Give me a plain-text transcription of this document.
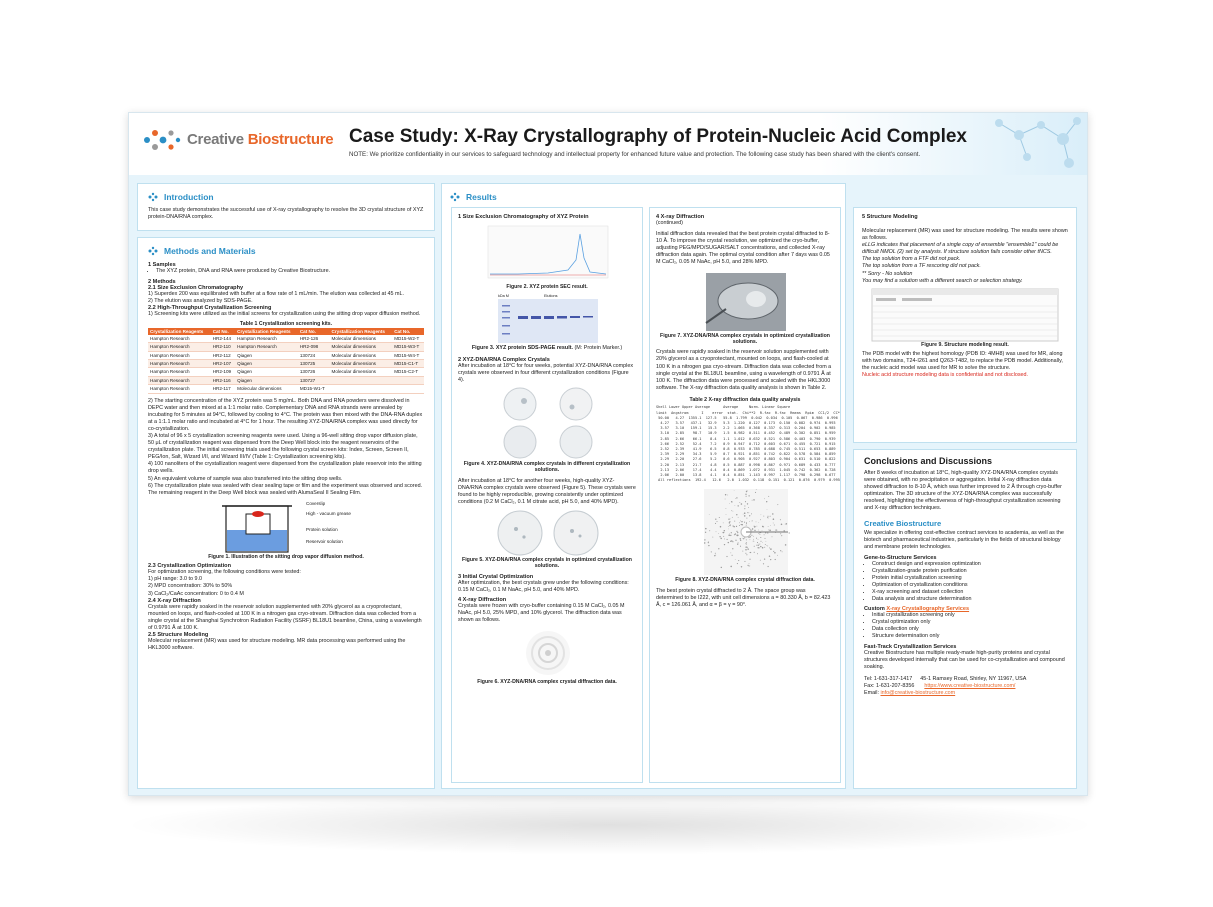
Creative Biostructure Case Study: X-Ray Crystallography of Protein-Nucleic Acid Complex
NOTE: We prioritize confidentiality in our services to safeguard technology and intellectual property for enhanced future value and protection. The following case study has been shared with the client's consent.
Introduction
This case study demonstrates the successful use of X-ray crystallography to resolve the 3D crystal structure of XYZ protein-DNA/RNA complex.
Methods and Materials
1 Samples
• The XYZ protein, DNA and RNA were produced by Creative Biostructure.
2 Methods
2.1 Size Exclusion Chromatography
1) Superdex 200 was equilibrated with buffer at a flow rate of 1 mL/min. The elution was collected at 45 mL.
2) The elution was analyzed by SDS-PAGE.
2.2 High-Throughput Crystallization Screening
1) Screening kits were utilized as the initial screens for crystallization using the sitting drop vapor diffusion method.
Table 1 Crystallization screening kits.
Crystallization Reagents	Cat No.	Crystallization Reagents	Cat No.	Crystallization Reagents	Cat No.
Hampton Research	HR2-144	Hampton Research	HR2-126	Molecular dimensions	MD15-W2-T
Hampton Research	HR2-110	Hampton Research	HR2-098	Molecular dimensions	MD15-W3-T
Hampton Research	HR2-112	Qiagen	130724	Molecular dimensions	MD15-W4-T
Hampton Research	HR2-107	Qiagen	130725	Molecular dimensions	MD15-C1-T
Hampton Research	HR2-109	Qiagen	130726	Molecular dimensions	MD15-C2-T
Hampton Research	HR2-116	Qiagen	130727		
Hampton Research	HR2-117	Molecular dimensions	MD15-W1-T		
2) The starting concentration of the XYZ protein was 5 mg/mL. Both DNA and RNA powders were dissolved in DEPC water and then mixed at a 1:1 molar ratio. Complementary DNA and RNA strands were annealed by incubating for 5 minutes at 94°C, followed by cooling to 4°C. The protein was then mixed with the DNA-RNA duplex at a 1:1.1 molar ratio and incubated at 4°C for 1 hour. The resulting XYZ-DNA/RNA complex was used directly for co-crystallization.
3) A total of 96 x 5 crystallization screening reagents were used. Using a 96-well sitting drop vapor diffusion plate, 50 μL of crystallization reagent was dispensed from the Deep Well block into the reagent reservoirs of the crystallization plate. The initial screening trials used the following crystal screen kits: Index, Screen, Screen II, PEG/Ion, Salt, Wizard I/II, and Wizard III/IV (Table 1: Crystallization screening kits).
4) 100 nanoliters of the crystallization reagent were dispensed from the crystallization plate reservoir into the sitting drop wells.
5) An equivalent volume of sample was also transferred into the sitting drop wells.
6) The crystallization plate was sealed with clear sealing tape or film and the experiment was observed and scored. The remaining reagent in the Deep Well block was sealed with AlumaSeal II Sealing Film.
Coverslip
High - vacuum grease
Protein solution
Reservoir solution
Figure 1. Illustration of the sitting drop vapor diffusion method.
2.3 Crystallization Optimization
For optimization screening, the following conditions were tested:
1) pH range: 3.0 to 9.0
2) MPD concentration: 30% to 50%
3) CaCl₂/CaAc concentration: 0 to 0.4 M
2.4 X-ray Diffraction
Crystals were rapidly soaked in the reservoir solution supplemented with 20% glycerol as a cryoprotectant, mounted on loops, and flash-cooled at 100 K in a nitrogen gas cryo-stream. Diffraction data was collected from a single crystal at the Shanghai Synchrotron Radiation Facility (SSRF) BL18U1 beamline, China, using a wavelength of 0.9791 Å at 100 K.
2.5 Structure Modeling
Molecular replacement (MR) was used for structure modeling. MR data processing was performed using the HKL3000 software.
Results
1 Size Exclusion Chromatography of XYZ Protein
Figure 2. XYZ protein SEC result.
kDa M	Elutions
Figure 3. XYZ protein SDS-PAGE result. (M: Protein Marker.)
2 XYZ-DNA/RNA Complex Crystals
After incubation at 18°C for four weeks, potential XYZ-DNA/RNA complex crystals were observed in four different crystallization conditions (Figure 4).
Figure 4. XYZ-DNA/RNA complex crystals in different crystallization solutions.
After incubation at 18°C for another four weeks, high-quality XYZ-DNA/RNA complex crystals were observed (Figure 5). These crystals were found to be highly reproducible, growing consistently under optimized conditions (0.2 M CaCl₂, 0.1 M citrate acid, pH 5.0, and 40% MPD).
Figure 5. XYZ-DNA/RNA complex crystals in optimized crystallization solutions.
3 Initial Crystal Optimization
After optimization, the best crystals grew under the following conditions: 0.15 M CaCl₂, 0.1 M NaAc, pH 5.0, and 40% MPD.
4 X-ray Diffraction
Crystals were frozen with cryo-buffer containing 0.15 M CaCl₂, 0.05 M NaAc, pH 5.0, 25% MPD, and 10% glycerol. The diffraction data was shown as follows.
Figure 6. XYZ-DNA/RNA complex crystal diffraction data.
4 X-ray Diffraction
(continued)
Initial diffraction data revealed that the best protein crystal diffracted to 8-10 Å. To improve the crystal resolution, we optimized the cryo-buffer, adjusting PEG/MPD/SUGAR/SALT concentrations, and collected X-ray diffraction data again. The optimal crystal condition after 7 days was 0.05 M CaCl₂, 0.05 M NaAc, pH 5.0, and 28% MPD.
Figure 7. XYZ-DNA/RNA complex crystals in optimized crystallization solutions.
Crystals were rapidly soaked in the reservoir solution supplemented with 20% glycerol as a cryoprotectant, mounted on loops, and flash-cooled at 100 K in a nitrogen gas cryo-stream. Diffraction data was collected from a single crystal at the BL18U1 beamline, using a wavelength of 0.9791 Å at 100 K. The diffraction data were processed and scaled with the HKL3000 software. The X-ray diffraction data quality analysis is shown in Table 2.
Table 2 X-ray diffraction data quality analysis
Shell Lower Upper Average      Average     Norm. Linear Square
limit  Angstrom      I    error  stat.  Chi**2  R-fac  R-fac  Rmeas  Rpim  CC1/2  CC*
50.00   4.27  1355.1  127.5   55.8  1.799  0.042  0.034  0.105  0.067  0.986  0.996
4.27   3.57   437.1   32.9   5.3  1.220  0.127  0.173  0.150  0.082  0.974  0.993
3.57   3.10   159.1   15.3   2.2  1.065  0.368  0.337  0.313  0.204  0.902  0.985
3.10   2.85    98.7   10.9   1.5  0.982  0.511  0.452  0.489  0.302  0.851  0.959
2.85   2.66    66.1    8.4   1.1  1.012  0.632  0.521  0.586  0.403  0.790  0.939
2.66   2.52    52.4    7.2   0.9  0.947  0.712  0.603  0.671  0.455  0.721  0.915
2.52   2.39    41.9    6.5   0.8  0.933  0.785  0.688  0.745  0.511  0.653  0.889
2.39   2.29    34.3    5.9   0.7  0.921  0.851  0.742  0.822  0.578  0.584  0.859
2.29   2.20    27.6    5.2   0.6  0.905  0.927  0.803  0.904  0.631  0.510  0.822
2.20   2.13    21.7    4.8   0.5  0.887  0.998  0.867  0.971  0.689  0.433  0.777
2.13   2.06    17.4    4.4   0.4  0.869  1.072  0.931  1.045  0.742  0.362  0.728
2.06   2.00    13.8    4.1   0.4  0.851  1.143  0.997  1.117  0.798  0.298  0.677
All reflections  192.4   12.6   2.0  1.032  0.118  0.151  0.121  0.076  0.979  0.995
Figure 8. XYZ-DNA/RNA complex crystal diffraction data.
The best protein crystal diffracted to 2 Å. The space group was determined to be I222, with unit cell dimensions a = 80.330 Å, b = 82.423 Å, c = 126.061 Å, and α = β = γ = 90°.
5 Structure Modeling
Molecular replacement (MR) was used for structure modeling. The results were shown as follows.
eLLG indicates that placement of a single copy of ensemble "ensemble1" could be difficult NMOL (2) set by analysis. If structure solution fails consider other tNCS.
The top solution from a FTF did not pack.
The top solution from a TF rescoring did not pack.
** Sorry - No solution
You may find a solution with a different search or selection strategy.
Figure 9. Structure modeling result.
The PDB model with the highest homology (PDB ID: 4MH8) was used for MR, along with two domains, T24-I261 and Q263-T482, to replace the PDB model. Additionally, the nucleic acid model was used for MR to solve the structure.
Nucleic acid structure modeling data is confidential and not disclosed.
Conclusions and Discussions
After 8 weeks of incubation at 18°C, high-quality XYZ-DNA/RNA complex crystals were obtained, with no precipitation or aggregation. Initial X-ray diffraction data showed diffraction to 8-10 Å, which was further improved to 2 Å through cryo-buffer optimization. The 3D structure of the XYZ-DNA/RNA complex was successfully resolved, highlighting the effectiveness of high-throughput crystallization screening and X-ray diffraction techniques.
Creative Biostructure
We specialize in offering cost-effective contract services to academia, as well as the biotech and pharmaceutical industries, particularly in the fields of structural biology and membrane protein technologies.
Gene-to-Structure Services
• Construct design and expression optimization
• Crystallization-grade protein purification
• Protein initial crystallization screening
• Optimization of crystallization conditions
• X-ray screening and dataset collection
• Data analysis and structure determination
Custom X-ray Crystallography Services
• Initial crystallization screening only
• Crystal optimization only
• Data collection only
• Structure determination only
Fast-Track Crystallization Services
Creative Biostructure has multiple ready-made high-purity proteins and crystal structures developed internally that can be used for co-crystallization and compound soaking.
Tel: 1-631-317-1417 45-1 Ramsey Road, Shirley, NY 11967, USA
Fax: 1-631-207-8356 https://www.creative-biostructure.com/
Email: info@creative-biostructure.com
